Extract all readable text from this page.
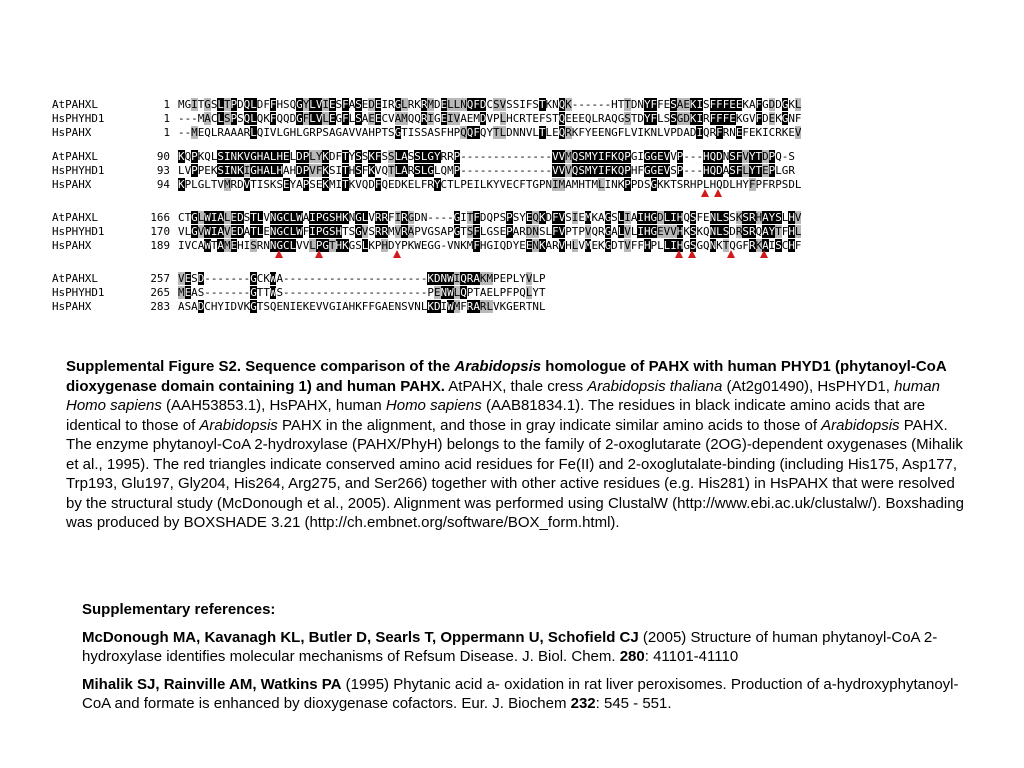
AtPAHXL	1 MGITGSLTPDQLDFFHSQGYLVIESFASEDEIRGLRKRMDELLNQFDCSVSSIFSTKNQK------HTTDNYFFESAEKISFFFEEKAFGDDGKL
HsPHYHD1	1 ---MACLSPSQLQKFQQDGFLVLEGFLSAEECVAMQQRIGEIVAEMDVPLHCRTEFSTQEEEQLRAQGSTDYFLSSGDKIRFFFEKGVFDEKGNF
HsPAHX	1 --MEQLRAAARLQIVLGHLGRPSAGAVVAHPTSGTISSASFHPQQFQYTLDNNVLTLEQRKFYEENGFLVIKNLVPDADIQRFRNEFEKICRKEV
AtPAHXL	90 KQPKQLSINKVGHALHELDPLYKDFTYSSKFSSLASSLGYRRP--------------VVMQSMYIFKQPGIGGEVVP---HQDNSFVYTDPQ-S
HsPHYHD1	93 LVPPEKSINKIGHALHAHDPVFKSITHSFKVQTLARSLGLQMP--------------VVVQSMYIFKQPHFGGEVSP---HQDASFLYTEPLGR
HsPAHX	94 KPLGLTVMRDVTISKSEYAPSEKMITKVQDFQEDKELFRYCTLPEILKYVECFTGPNIMAMHTMLINKPPDSGKKTSRHPLHQDLHYFPFRPSDL
AtPAHXL	166 CTGLWIALEDSTLVNGCLWAIPGSHKNGLVRRFIRGDN----GITFDQPSPSYEQKDFVSIEMKAGSLIAIHGDLIHQSFENLSSKSRHAYSLHV
HsPHYHD1	170 VLGVWIAVEDATLENGCLWFIPGSHTSGVSRRMVRAPVGSAPGTSFLGSEPARDNSLFVPTPVQRGALVLIHGEVVHKSKQNLSDRSRQAYTFHL
HsPAHX	189 IVCAWTAMEHISRNNGCLVVLPGTHKGSLKPHDYPKWEGG-VNKMFHGIQDYEENKARVHLVMEKGDTVFFHPLLIHGSGQNKTQGFRKAISCHF
AtPAHXL	257 VESD-------GCKWA----------------------KDNWIQRAKMPEPLYVLP
HsPHYHD1	265 MEAS-------GTTWS----------------------PENWLQPTAELPFPQLYT
HsPAHX	283 ASADCHYIDVKGTSQENIEKEVVGIAHKFFGAENSVNLKDIWMFRARLVKGERTNL

Supplemental Figure S2. Sequence comparison of the Arabidopsis homologue of PAHX with human PHYD1 (phytanoyl-CoA dioxygenase domain containing 1) and human PAHX. AtPAHX, thale cress Arabidopsis thaliana (At2g01490), HsPHYD1, human Homo sapiens (AAH53853.1), HsPAHX, human Homo sapiens (AAB81834.1). The residues in black indicate amino acids that are identical to those of Arabidopsis PAHX in the alignment, and those in gray indicate similar amino acids to those of Arabidopsis PAHX. The enzyme phytanoyl-CoA 2-hydroxylase (PAHX/PhyH) belongs to the family of 2-oxoglutarate (2OG)-dependent oxygenases (Mihalik et al., 1995). The red triangles indicate conserved amino acid residues for Fe(II) and 2-oxoglutalate-binding (including His175, Asp177, Trp193, Glu197, Gly204, His264, Arg275, and Ser266) together with other active residues (e.g. His281) in HsPAHX that were resolved by the structural study (McDonough et al., 2005). Alignment was performed using ClustalW (http://www.ebi.ac.uk/clustalw/). Boxshading was produced by BOXSHADE 3.21 (http://ch.embnet.org/software/BOX_form.html).

Supplementary references:

McDonough MA, Kavanagh KL, Butler D, Searls T, Oppermann U, Schofield CJ (2005) Structure of human phytanoyl-CoA 2-hydroxylase identifies molecular mechanisms of Refsum Disease. J. Biol. Chem. 280: 41101-41110

Mihalik SJ, Rainville AM, Watkins PA (1995) Phytanic acid a- oxidation in rat liver peroxisomes. Production of a-hydroxyphytanoyl-CoA and formate is enhanced by dioxygenase cofactors. Eur. J. Biochem 232: 545 - 551.
